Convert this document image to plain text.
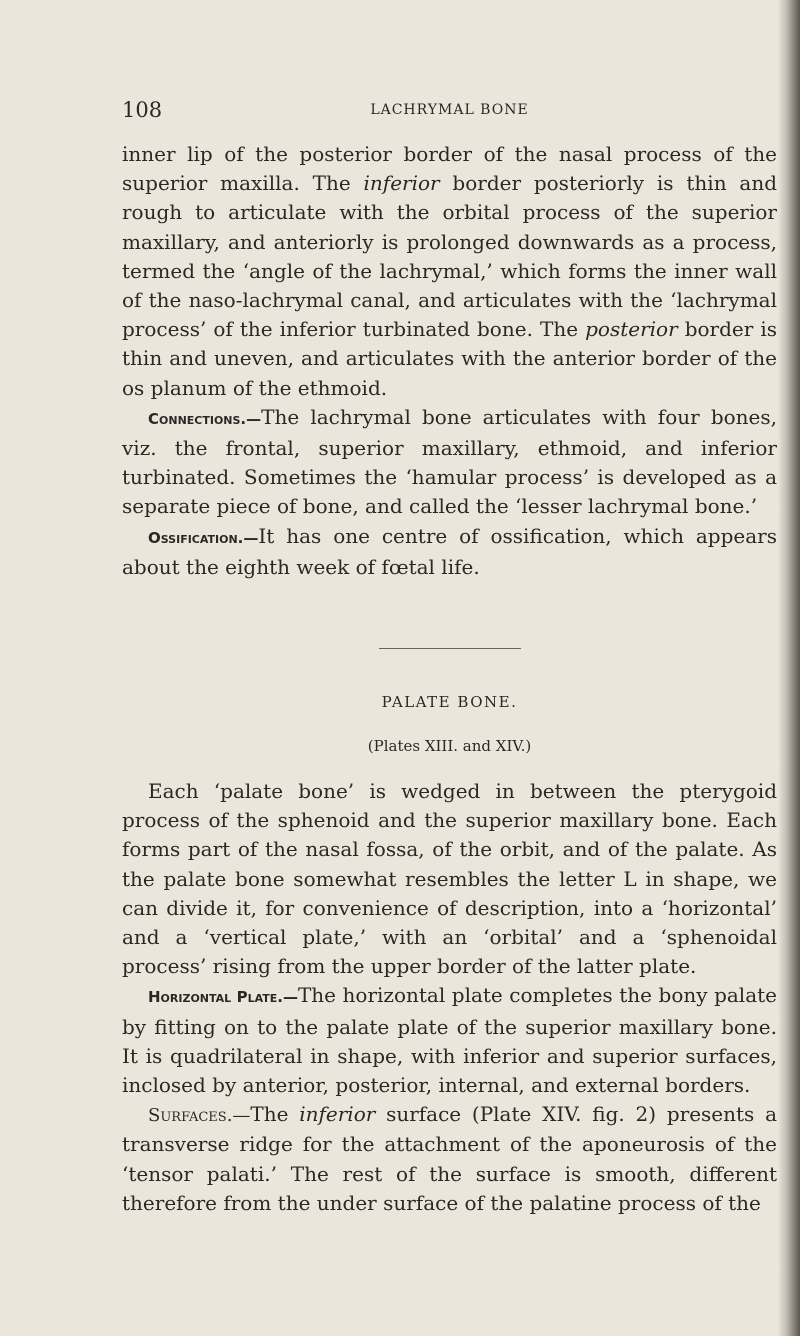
108	LACHRYMAL BONE

inner lip of the posterior border of the nasal process of the superior maxilla. The inferior border posteriorly is thin and rough to articulate with the orbital process of the superior maxillary, and anteriorly is prolonged downwards as a process, termed the ‘angle of the lachrymal,’ which forms the inner wall of the naso-lachrymal canal, and articulates with the ‘lachrymal process’ of the inferior turbinated bone. The posterior border is thin and uneven, and articulates with the anterior border of the os planum of the ethmoid.

Connections.—The lachrymal bone articulates with four bones, viz. the frontal, superior maxillary, ethmoid, and inferior turbinated. Sometimes the ‘hamular process’ is developed as a separate piece of bone, and called the ‘lesser lachrymal bone.’

Ossification.—It has one centre of ossification, which appears about the eighth week of fœtal life.

PALATE BONE.
(Plates XIII. and XIV.)

Each ‘palate bone’ is wedged in between the pterygoid process of the sphenoid and the superior maxillary bone. Each forms part of the nasal fossa, of the orbit, and of the palate. As the palate bone somewhat resembles the letter L in shape, we can divide it, for convenience of description, into a ‘horizontal’ and a ‘vertical plate,’ with an ‘orbital’ and a ‘sphenoidal process’ rising from the upper border of the latter plate.

Horizontal Plate.—The horizontal plate completes the bony palate by fitting on to the palate plate of the superior maxillary bone. It is quadrilateral in shape, with inferior and superior surfaces, inclosed by anterior, posterior, internal, and external borders.

Surfaces.—The inferior surface (Plate XIV. fig. 2) presents a transverse ridge for the attachment of the aponeurosis of the ‘tensor palati.’ The rest of the surface is smooth, different therefore from the under surface of the palatine process of the
